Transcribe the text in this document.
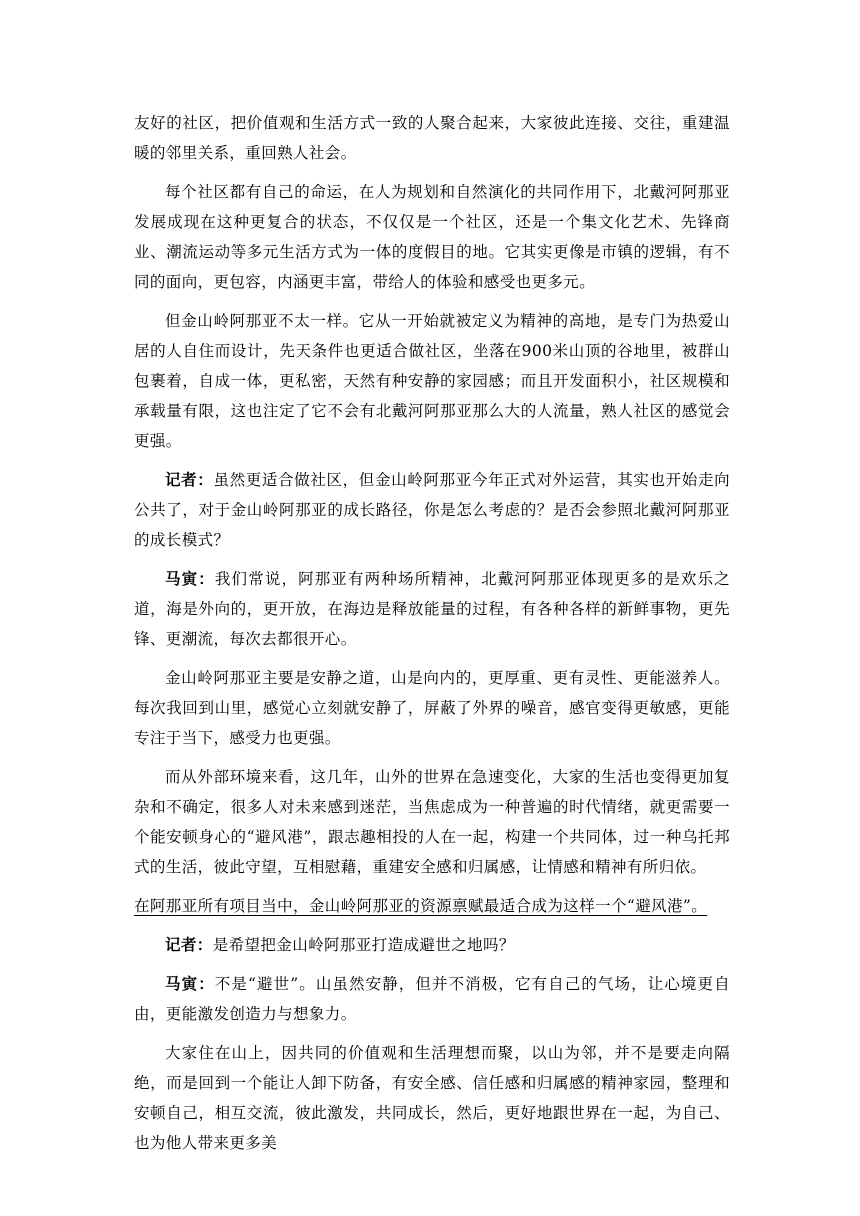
友好的社区，把价值观和生活方式一致的人聚合起来，大家彼此连接、交往，重建温暖的邻里关系，重回熟人社会。

每个社区都有自己的命运，在人为规划和自然演化的共同作用下，北戴河阿那亚发展成现在这种更复合的状态，不仅仅是一个社区，还是一个集文化艺术、先锋商业、潮流运动等多元生活方式为一体的度假目的地。它其实更像是市镇的逻辑，有不同的面向，更包容，内涵更丰富，带给人的体验和感受也更多元。

但金山岭阿那亚不太一样。它从一开始就被定义为精神的高地，是专门为热爱山居的人自住而设计，先天条件也更适合做社区，坐落在900米山顶的谷地里，被群山包裹着，自成一体，更私密，天然有种安静的家园感；而且开发面积小，社区规模和承载量有限，这也注定了它不会有北戴河阿那亚那么大的人流量，熟人社区的感觉会更强。

记者：虽然更适合做社区，但金山岭阿那亚今年正式对外运营，其实也开始走向公共了，对于金山岭阿那亚的成长路径，你是怎么考虑的？是否会参照北戴河阿那亚的成长模式？

马寅：我们常说，阿那亚有两种场所精神，北戴河阿那亚体现更多的是欢乐之道，海是外向的，更开放，在海边是释放能量的过程，有各种各样的新鲜事物，更先锋、更潮流，每次去都很开心。

金山岭阿那亚主要是安静之道，山是向内的，更厚重、更有灵性、更能滋养人。每次我回到山里，感觉心立刻就安静了，屏蔽了外界的噪音，感官变得更敏感，更能专注于当下，感受力也更强。

而从外部环境来看，这几年，山外的世界在急速变化，大家的生活也变得更加复杂和不确定，很多人对未来感到迷茫，当焦虑成为一种普遍的时代情绪，就更需要一个能安顿身心的“避风港”，跟志趣相投的人在一起，构建一个共同体，过一种乌托邦式的生活，彼此守望，互相慰藉，重建安全感和归属感，让情感和精神有所归依。

在阿那亚所有项目当中，金山岭阿那亚的资源禀赋最适合成为这样一个“避风港”。

记者：是希望把金山岭阿那亚打造成避世之地吗？

马寅：不是“避世”。山虽然安静，但并不消极，它有自己的气场，让心境更自由，更能激发创造力与想象力。

大家住在山上，因共同的价值观和生活理想而聚，以山为邻，并不是要走向隔绝，而是回到一个能让人卸下防备，有安全感、信任感和归属感的精神家园，整理和安顿自己，相互交流，彼此激发，共同成长，然后，更好地跟世界在一起，为自己、也为他人带来更多美
